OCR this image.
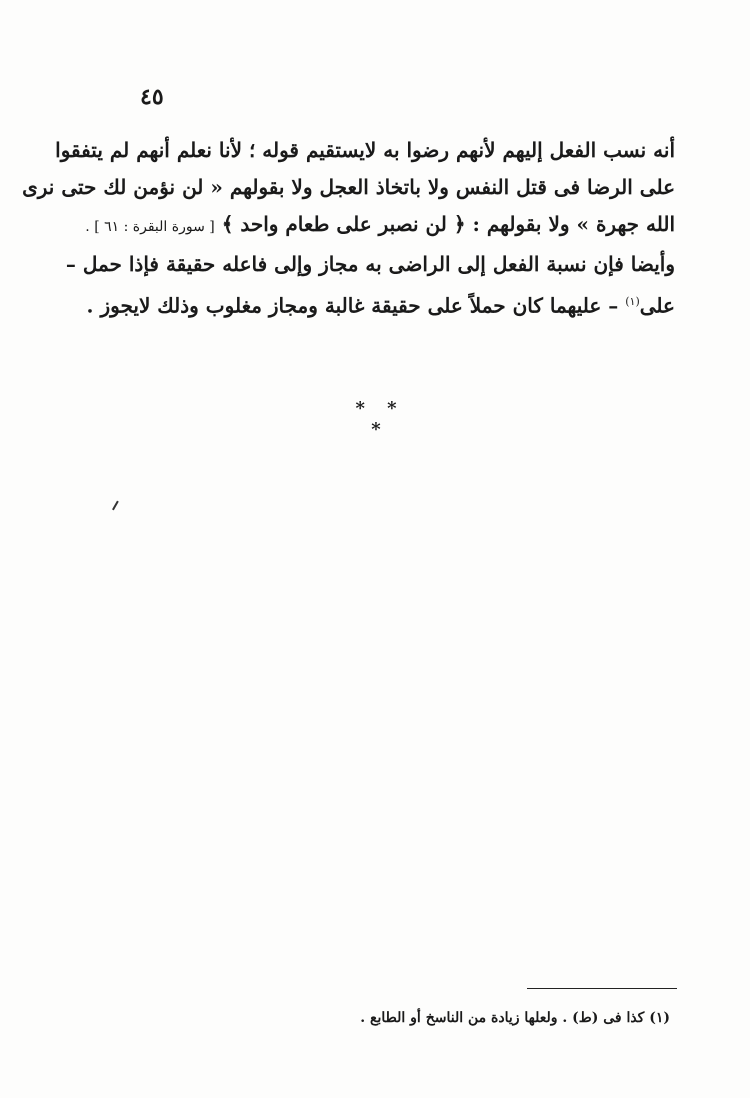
٤٥
أنه نسب الفعل إليهم لأنهم رضوا به لايستقيم قوله ؛ لأنا نعلم أنهم لم يتفقوا
على الرضا فى قتل النفس ولا باتخاذ العجل ولا بقولهم « لن نؤمن لك حتى نرى
الله جهرة » ولا بقولهم : ﴿ لن نصبر على طعام واحد ﴾ [ سورة البقرة : ٦١ ] .
وأيضا فإن نسبة الفعل إلى الراضى به مجاز وإلى فاعله حقيقة فإذا حمل –
على$^{(١)}$ – عليهما كان حملاً على حقيقة غالبة ومجاز مغلوب وذلك لايجوز .
* * *
(١) كذا فى (ط) . ولعلها زيادة من الناسخ أو الطابع .
